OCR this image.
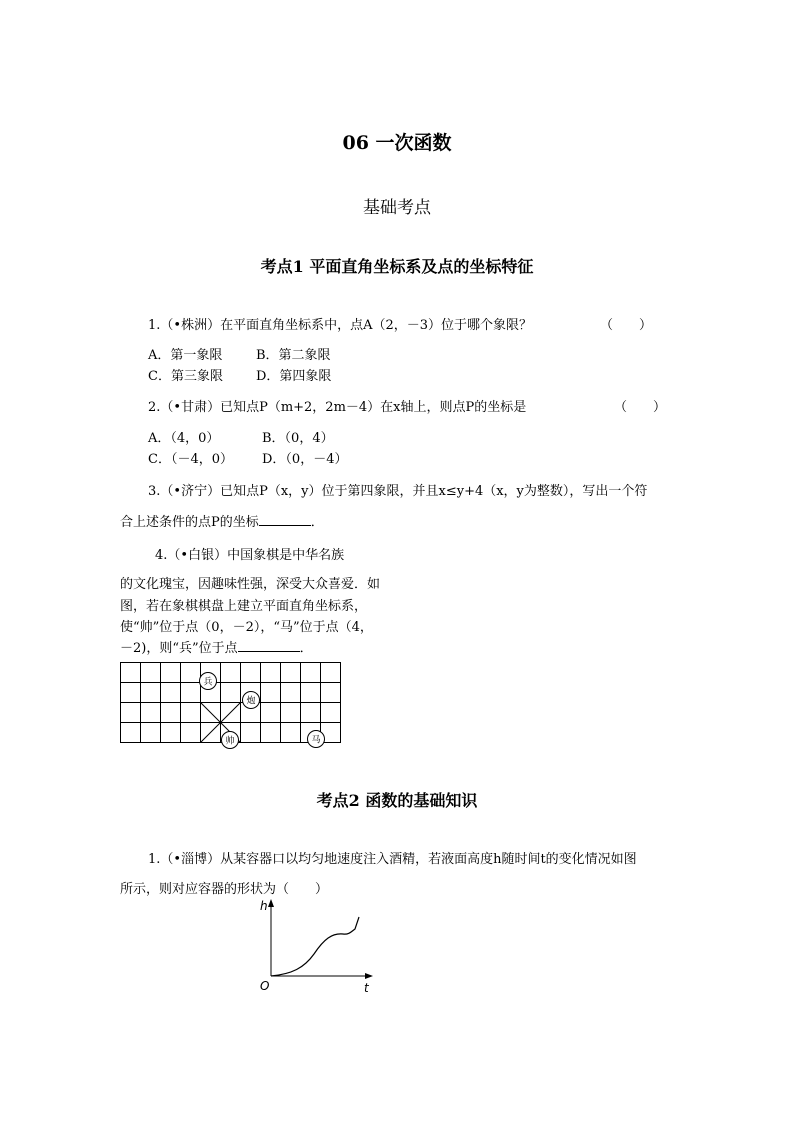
06 一次函数
基础考点
考点1 平面直角坐标系及点的坐标特征
1.（•株洲）在平面直角坐标系中，点A（2，－3）位于哪个象限？	（　　）
A．第一象限	B．第二象限
C．第三象限	D．第四象限
2.（•甘肃）已知点P（m+2，2m－4）在x轴上，则点P的坐标是	（　　）
A．（4，0）	B．（0，4）
C．（－4，0） D．（0，－4）
3.（•济宁）已知点P（x，y）位于第四象限，并且x≤y+4（x，y为整数），写出一个符
合上述条件的点P的坐标	．
4.（•白银）中国象棋是中华名族
的文化瑰宝，因趣味性强，深受大众喜爱．如
图，若在象棋棋盘上建立平面直角坐标系，
使“帅”位于点（0，－2），“马”位于点（4，
－2)，则“兵”位于点	．
兵
炮
帅	马
考点2 函数的基础知识
1.（•淄博）从某容器口以均匀地速度注入酒精，若液面高度h随时间t的变化情况如图
所示，则对应容器的形状为（　　）
h
t
O
